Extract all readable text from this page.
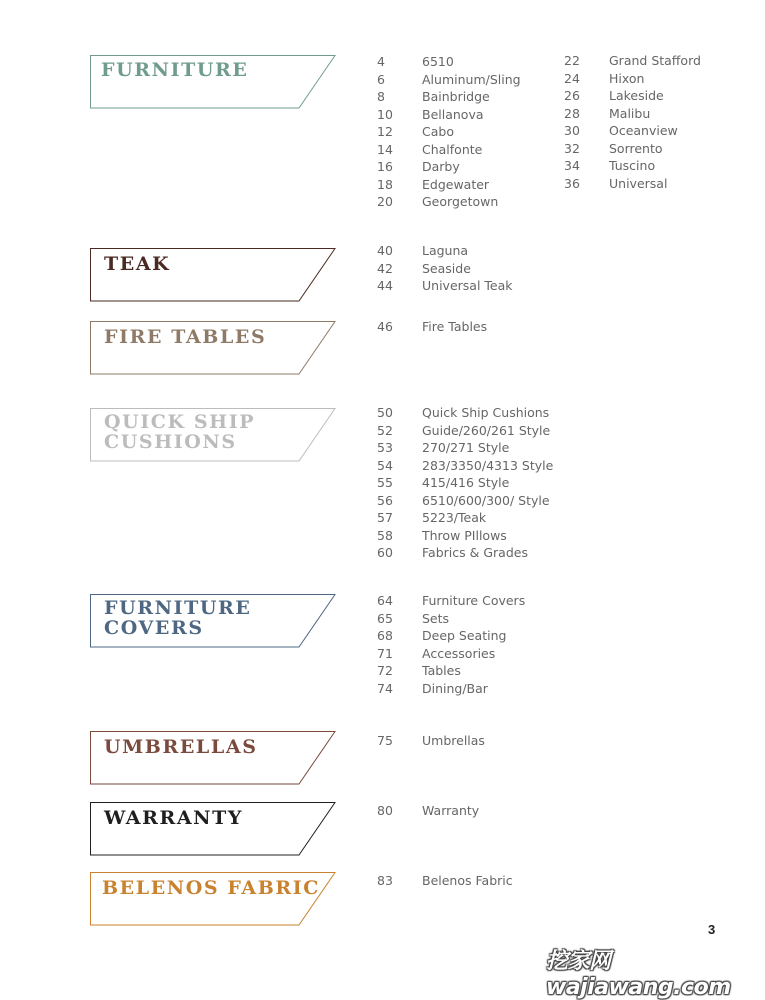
FURNITURE	4	6510
6	Aluminum/Sling
8	Bainbridge
10 Bellanova
12 Cabo
14 Chalfonte
16 Darby
18 Edgewater
20 Georgetown
22 Grand Stafford
24 Hixon
26 Lakeside
28 Malibu
30 Oceanview
32 Sorrento
34 Tuscino
36 Universal
TEAK
40 Laguna
42 Seaside
44 Universal Teak
FIRE TABLES	46 Fire Tables
QUICK SHIP
CUSHIONS
50 Quick Ship Cushions
52 Guide/260/261 Style
53 270/271 Style
54 283/3350/4313 Style
55 415/416 Style
56 6510/600/300/ Style
57 5223/Teak
58 Throw PIllows
60 Fabrics & Grades
FURNITURE
COVERS
64 Furniture Covers
65 Sets
68 Deep Seating
71 Accessories
72 Tables
74 Dining/Bar
UMBRELLAS	75 Umbrellas
WARRANTY	80 Warranty
BELENOS FABRIC	83 Belenos Fabric
3
挖家网 wajiawang.com
